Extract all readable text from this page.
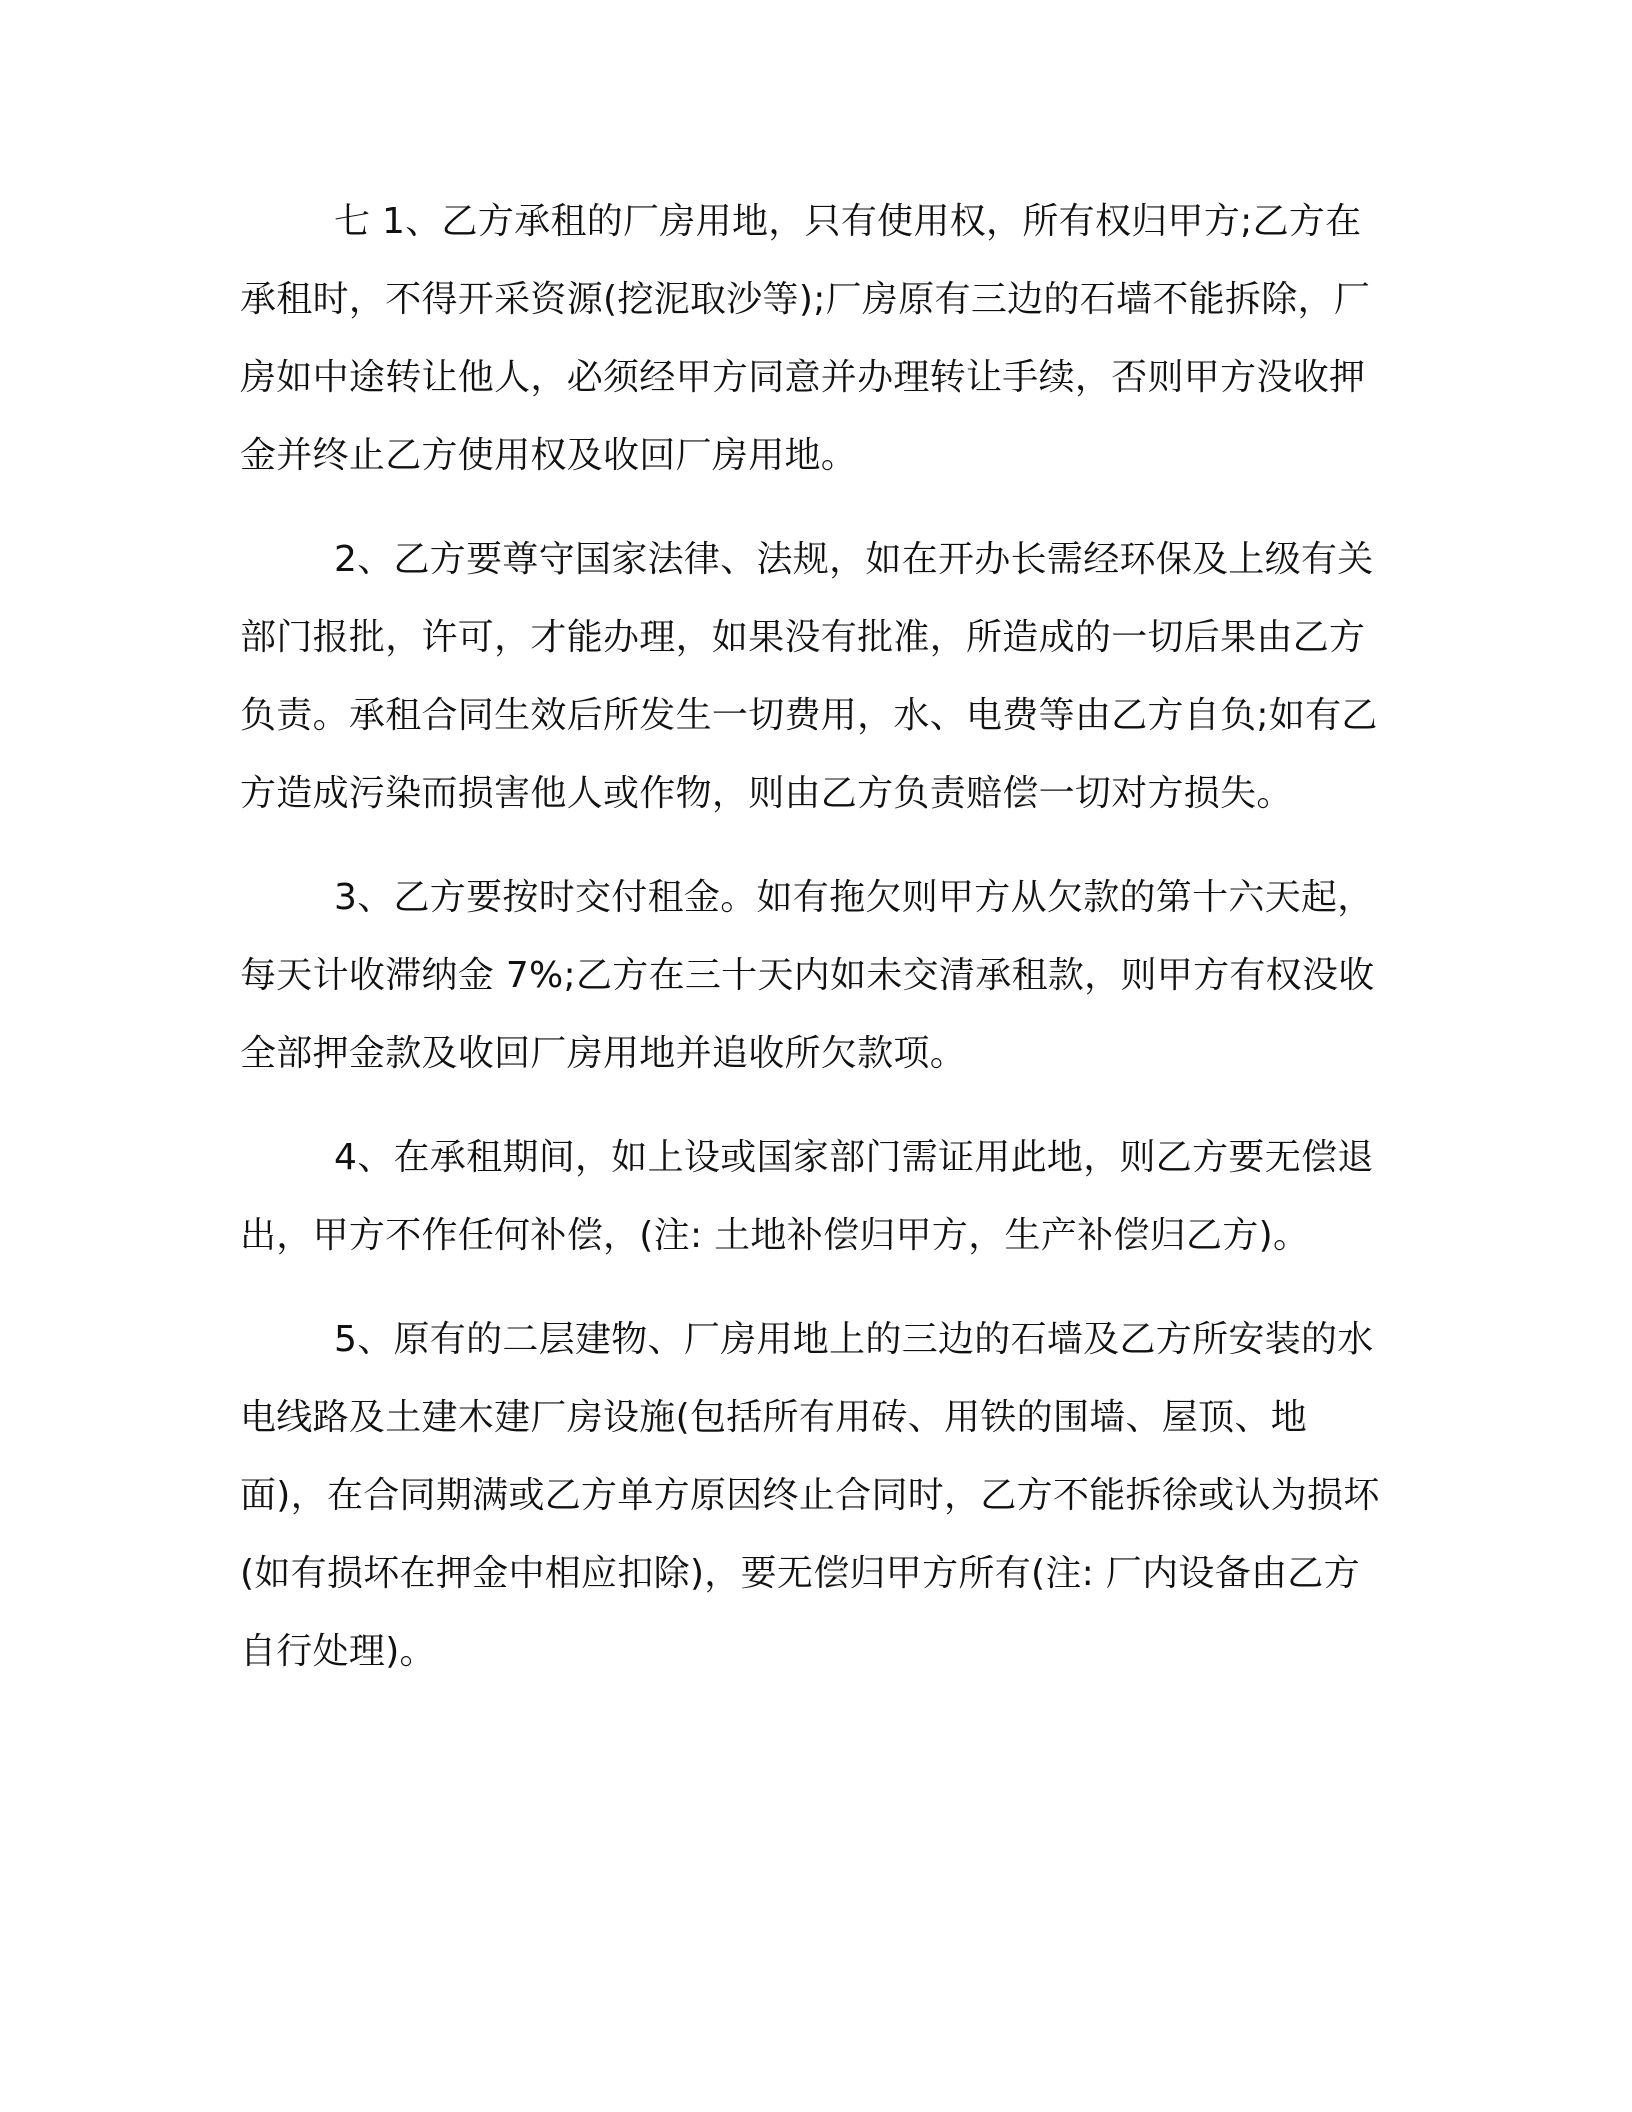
七 1、乙方承租的厂房用地，只有使用权，所有权归甲方;乙方在承租时，不得开采资源(挖泥取沙等);厂房原有三边的石墙不能拆除，厂房如中途转让他人，必须经甲方同意并办理转让手续，否则甲方没收押金并终止乙方使用权及收回厂房用地。

2、乙方要尊守国家法律、法规，如在开办长需经环保及上级有关部门报批，许可，才能办理，如果没有批准，所造成的一切后果由乙方负责。承租合同生效后所发生一切费用，水、电费等由乙方自负;如有乙方造成污染而损害他人或作物，则由乙方负责赔偿一切对方损失。

3、乙方要按时交付租金。如有拖欠则甲方从欠款的第十六天起，每天计收滞纳金 7%;乙方在三十天内如未交清承租款，则甲方有权没收全部押金款及收回厂房用地并追收所欠款项。

4、在承租期间，如上设或国家部门需证用此地，则乙方要无偿退出，甲方不作任何补偿，(注: 土地补偿归甲方，生产补偿归乙方)。

5、原有的二层建物、厂房用地上的三边的石墙及乙方所安装的水电线路及土建木建厂房设施(包括所有用砖、用铁的围墙、屋顶、地面)，在合同期满或乙方单方原因终止合同时，乙方不能拆徐或认为损坏(如有损坏在押金中相应扣除)，要无偿归甲方所有(注: 厂内设备由乙方自行处理)。
